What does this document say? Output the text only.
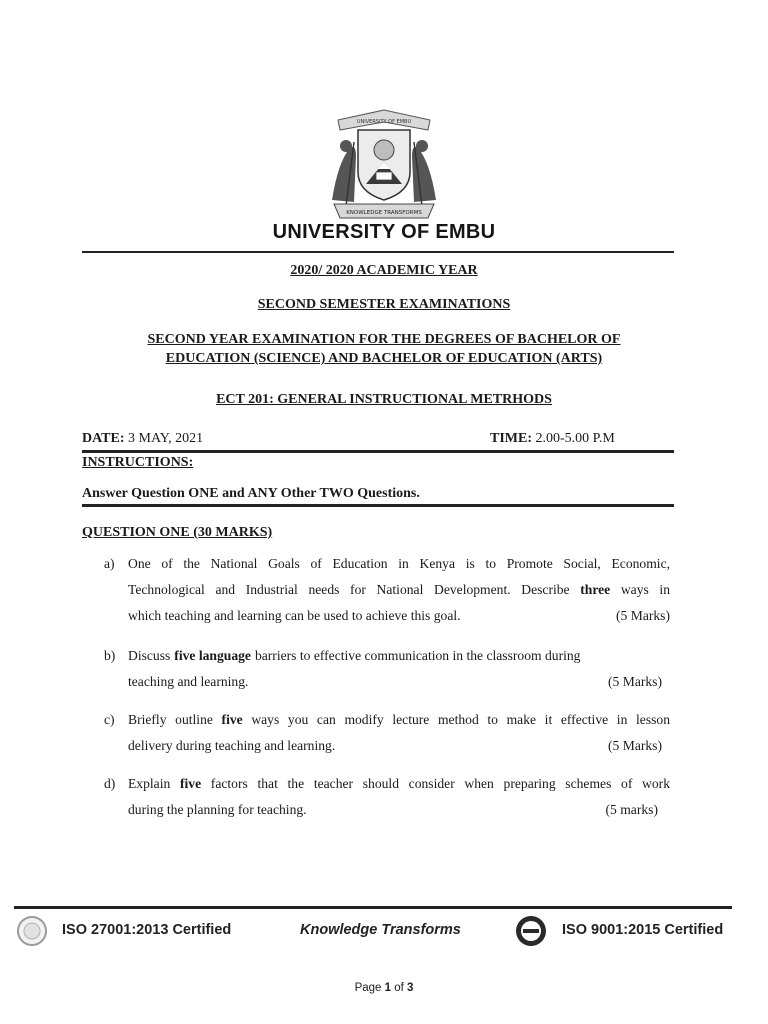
UNIVERSITY OF EMBU
KNOWLEDGE TRANSFORMS
UNIVERSITY OF EMBU
2020/ 2020 ACADEMIC YEAR
SECOND SEMESTER EXAMINATIONS
SECOND YEAR EXAMINATION FOR THE DEGREES OF BACHELOR OF
EDUCATION (SCIENCE) AND BACHELOR OF EDUCATION (ARTS)
ECT 201: GENERAL INSTRUCTIONAL METRHODS
DATE: 3 MAY, 2021	TIME: 2.00-5.00 P.M
INSTRUCTIONS:
Answer Question ONE and ANY Other TWO Questions.
QUESTION ONE (30 MARKS)
a) One of the National Goals of Education in Kenya is to Promote Social, Economic,
Technological and Industrial needs for National Development. Describe three ways in
which teaching and learning can be used to achieve this goal.	(5 Marks)
b) Discuss five language barriers to effective communication in the classroom during
teaching and learning.	(5 Marks)
c) Briefly outline five ways you can modify lecture method to make it effective in lesson
delivery during teaching and learning.	(5 Marks)
d) Explain five factors that the teacher should consider when preparing schemes of work
during the planning for teaching.	(5 marks)
ISO 27001:2013 Certified	Knowledge Transforms	ISO 9001:2015 Certified
Page 1 of 3
